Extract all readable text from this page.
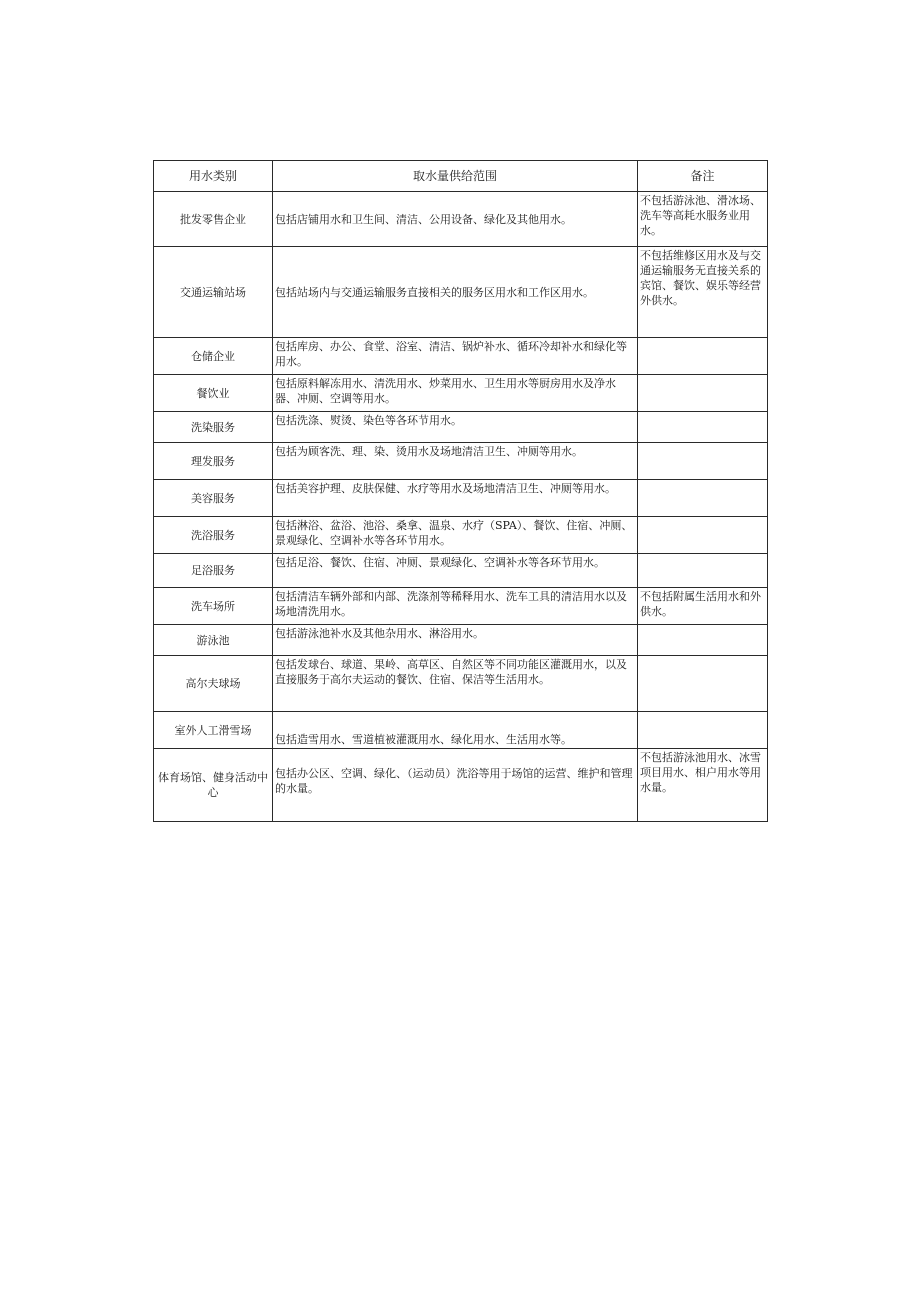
用水类别	取水量供给范围	备注
批发零售企业	包括店铺用水和卫生间、清洁、公用设备、绿化及其他用水。	不包括游泳池、滑冰场、洗车等高耗水服务业用水。
交通运输站场	包括站场内与交通运输服务直接相关的服务区用水和工作区用水。	不包括维修区用水及与交通运输服务无直接关系的宾馆、餐饮、娱乐等经营外供水。
仓储企业	包括库房、办公、食堂、浴室、清洁、锅炉补水、循环冷却补水和绿化等用水。	
餐饮业	包括原料解冻用水、清洗用水、炒菜用水、卫生用水等厨房用水及净水器、冲厕、空调等用水。	
洗染服务	包括洗涤、熨烫、染色等各环节用水。	
理发服务	包括为顾客洗、理、染、烫用水及场地清洁卫生、冲厕等用水。	
美容服务	包括美容护理、皮肤保健、水疗等用水及场地清洁卫生、冲厕等用水。	
洗浴服务	包括淋浴、盆浴、池浴、桑拿、温泉、水疗（SPA）、餐饮、住宿、冲厕、景观绿化、空调补水等各环节用水。	
足浴服务	包括足浴、餐饮、住宿、冲厕、景观绿化、空调补水等各环节用水。	
洗车场所	包括清洁车辆外部和内部、洗涤剂等稀释用水、洗车工具的清洁用水以及场地清洗用水。	不包括附属生活用水和外供水。
游泳池	包括游泳池补水及其他杂用水、淋浴用水。	
高尔夫球场	包括发球台、球道、果岭、高草区、自然区等不同功能区灌溉用水，以及直接服务于高尔夫运动的餐饮、住宿、保洁等生活用水。	
室外人工滑雪场	包括造雪用水、雪道植被灌溉用水、绿化用水、生活用水等。	
体育场馆、健身活动中心	包括办公区、空调、绿化、（运动员）洗浴等用于场馆的运营、维护和管理的水量。	不包括游泳池用水、冰雪项目用水、相户用水等用水量。
